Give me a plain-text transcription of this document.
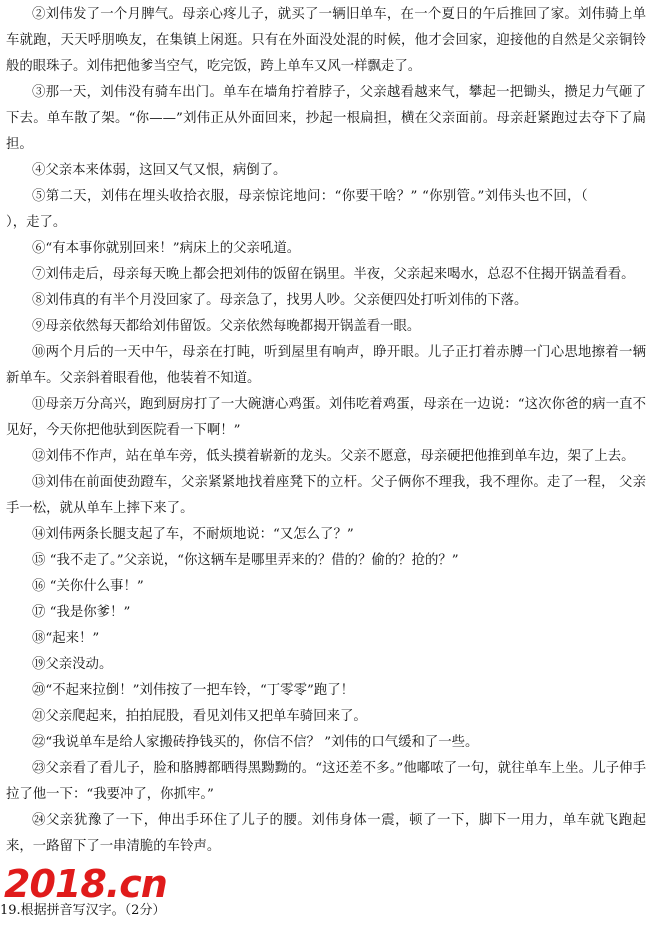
②刘伟发了一个月脾气。母亲心疼儿子，就买了一辆旧单车，在一个夏日的午后推回了家。刘伟骑上单车就跑，天天呼朋唤友，在集镇上闲逛。只有在外面没处混的时候，他才会回家，迎接他的自然是父亲铜铃般的眼珠子。刘伟把他爹当空气，吃完饭，跨上单车又风一样飘走了。

③那一天，刘伟没有骑车出门。单车在墙角拧着脖子，父亲越看越来气，攀起一把锄头，攒足力气砸了下去。单车散了架。“你——”刘伟正从外面回来，抄起一根扁担，横在父亲面前。母亲赶紧跑过去夺下了扁担。

④父亲本来体弱，这回又气又恨，病倒了。

⑤第二天，刘伟在埋头收拾衣服，母亲惊诧地问：“你要干啥？” “你别管。”刘伟头也不回，（），走了。

⑥“有本事你就别回来！”病床上的父亲吼道。

⑦刘伟走后，母亲每天晚上都会把刘伟的饭留在锅里。半夜，父亲起来喝水，总忍不住揭开锅盖看看。

⑧刘伟真的有半个月没回家了。母亲急了，找男人吵。父亲便四处打听刘伟的下落。

⑨母亲依然每天都给刘伟留饭。父亲依然每晚都揭开锅盖看一眼。

⑩两个月后的一天中午，母亲在打盹，听到屋里有响声，睁开眼。儿子正打着赤膊一门心思地擦着一辆新单车。父亲斜着眼看他，他装着不知道。

⑪母亲万分高兴，跑到厨房打了一大碗溏心鸡蛋。刘伟吃着鸡蛋，母亲在一边说：“这次你爸的病一直不见好，今天你把他驮到医院看一下啊！”

⑫刘伟不作声，站在单车旁，低头摸着崭新的龙头。父亲不愿意，母亲硬把他推到单车边，架了上去。

⑬刘伟在前面使劲蹬车，父亲紧紧地找着座凳下的立杆。父子俩你不理我，我不理你。走了一程， 父亲手一松，就从单车上摔下来了。

⑭刘伟两条长腿支起了车，不耐烦地说：“又怎么了？”

⑮ “我不走了。”父亲说，“你这辆车是哪里弄来的？借的？偷的？抢的？”

⑯ “关你什么事！”

⑰ “我是你爹！”

⑱“起来！”

⑲父亲没动。

⑳“不起来拉倒！”刘伟按了一把车铃，“丁零零”跑了！

㉑父亲爬起来，拍拍屁股，看见刘伟又把单车骑回来了。

㉒“我说单车是给人家搬砖挣钱买的，你信不信？ ”刘伟的口气缓和了一些。

㉓父亲看了看儿子，脸和胳膊都晒得黑黝黝的。“这还差不多。”他嘟哝了一句，就往单车上坐。儿子伸手拉了他一下：“我要冲了，你抓牢。”

㉔父亲犹豫了一下，伸出手环住了儿子的腰。刘伟身体一震，顿了一下，脚下一用力，单车就飞跑起来，一路留下了一串清脆的车铃声。

2018.cn

19.根据拼音写汉字。（2分）
